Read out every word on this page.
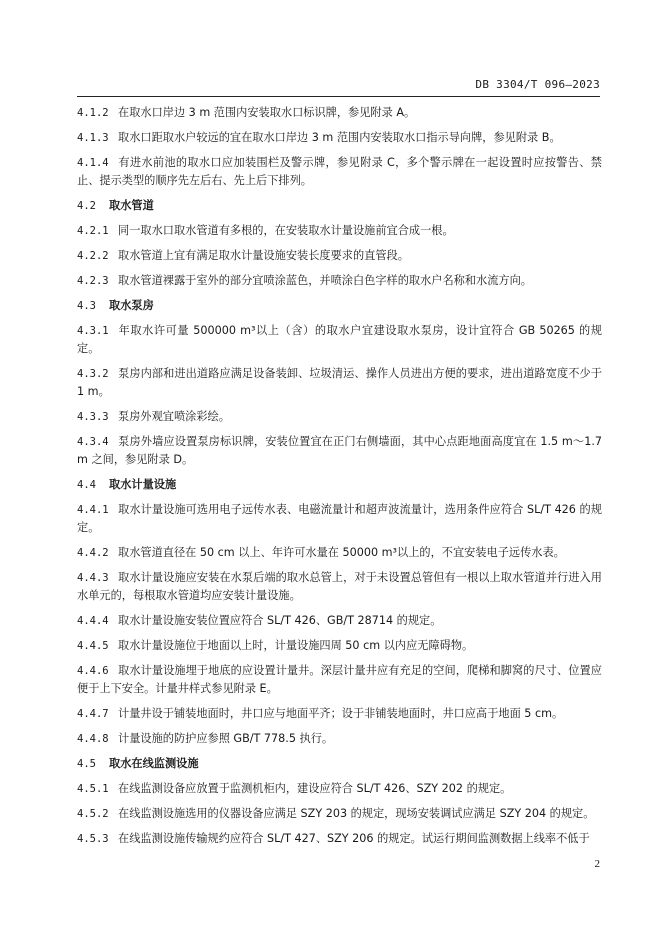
DB 3304/T 096—2023
4.1.2 在取水口岸边 3 m 范围内安装取水口标识牌，参见附录 A。
4.1.3 取水口距取水户较远的宜在取水口岸边 3 m 范围内安装取水口指示导向牌，参见附录 B。
4.1.4 有进水前池的取水口应加装围栏及警示牌，参见附录 C，多个警示牌在一起设置时应按警告、禁止、提示类型的顺序先左后右、先上后下排列。
4.2 取水管道
4.2.1 同一取水口取水管道有多根的，在安装取水计量设施前宜合成一根。
4.2.2 取水管道上宜有满足取水计量设施安装长度要求的直管段。
4.2.3 取水管道裸露于室外的部分宜喷涂蓝色，并喷涂白色字样的取水户名称和水流方向。
4.3 取水泵房
4.3.1 年取水许可量 500000 m³以上（含）的取水户宜建设取水泵房，设计宜符合 GB 50265 的规定。
4.3.2 泵房内部和进出道路应满足设备装卸、垃圾清运、操作人员进出方便的要求，进出道路宽度不少于 1 m。
4.3.3 泵房外观宜喷涂彩绘。
4.3.4 泵房外墙应设置泵房标识牌，安装位置宜在正门右侧墙面，其中心点距地面高度宜在 1.5 m～1.7 m 之间，参见附录 D。
4.4 取水计量设施
4.4.1 取水计量设施可选用电子远传水表、电磁流量计和超声波流量计，选用条件应符合 SL/T 426 的规定。
4.4.2 取水管道直径在 50 cm 以上、年许可水量在 50000 m³以上的，不宜安装电子远传水表。
4.4.3 取水计量设施应安装在水泵后端的取水总管上，对于未设置总管但有一根以上取水管道并行进入用水单元的，每根取水管道均应安装计量设施。
4.4.4 取水计量设施安装位置应符合 SL/T 426、GB/T 28714 的规定。
4.4.5 取水计量设施位于地面以上时，计量设施四周 50 cm 以内应无障碍物。
4.4.6 取水计量设施埋于地底的应设置计量井。深层计量井应有充足的空间，爬梯和脚窝的尺寸、位置应便于上下安全。计量井样式参见附录 E。
4.4.7 计量井设于铺装地面时，井口应与地面平齐；设于非铺装地面时，井口应高于地面 5 cm。
4.4.8 计量设施的防护应参照 GB/T 778.5 执行。
4.5 取水在线监测设施
4.5.1 在线监测设备应放置于监测机柜内，建设应符合 SL/T 426、SZY 202 的规定。
4.5.2 在线监测设施选用的仪器设备应满足 SZY 203 的规定，现场安装调试应满足 SZY 204 的规定。
4.5.3 在线监测设施传输规约应符合 SL/T 427、SZY 206 的规定。试运行期间监测数据上线率不低于
2
